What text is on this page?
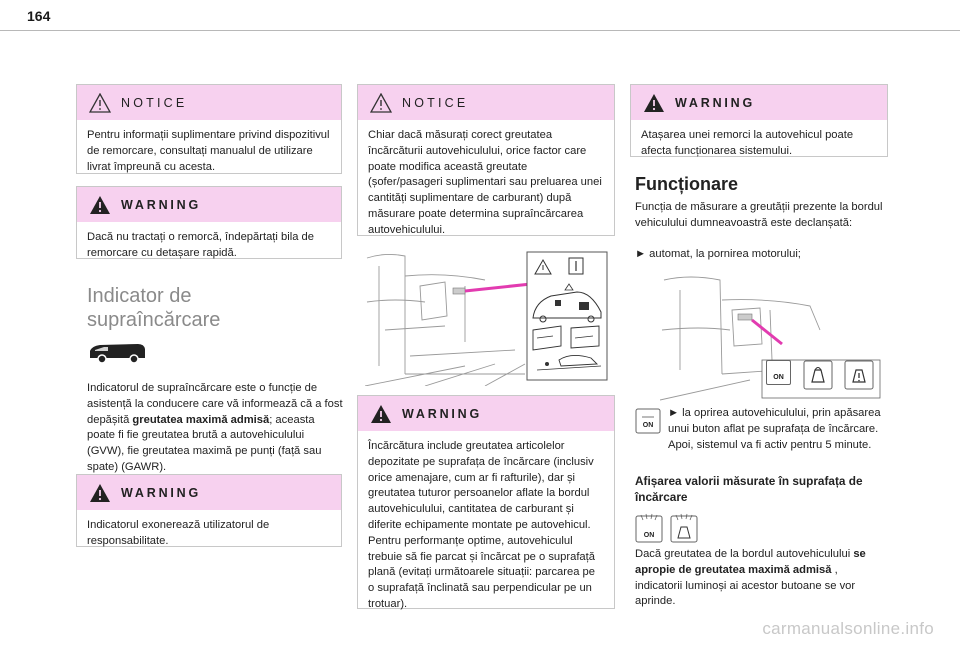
164
NOTICE
Pentru informații suplimentare privind dispozitivul de remorcare, consultați manualul de utilizare livrat împreună cu acesta.
WARNING
Dacă nu tractați o remorcă, îndepărtați bila de remorcare cu detașare rapidă.
Indicator de
supraîncărcare
Indicatorul de supraîncărcare este o funcție de asistență la conducere care vă informează că a fost depășită greutatea maximă admisă; aceasta poate fi fie greutatea brută a autovehiculului (GVW), fie greutatea maximă pe punți (față sau spate) (GAWR).
WARNING
Indicatorul exonerează utilizatorul de responsabilitate.
NOTICE
Chiar dacă măsurați corect greutatea încărcăturii autovehiculului, orice factor care poate modifica această greutate (șofer/pasageri suplimentari sau preluarea unei cantități suplimentare de carburant) după măsurare poate determina supraîncărcarea autovehiculului.
WARNING
Încărcătura include greutatea articolelor depozitate pe suprafața de încărcare (inclusiv orice amenajare, cum ar fi rafturile), dar și greutatea tuturor persoanelor aflate la bordul autovehiculului, cantitatea de carburant și diferite echipamente montate pe autovehicul. Pentru performanțe optime, autovehiculul trebuie să fie parcat și încărcat pe o suprafață plană (evitați următoarele situații: parcarea pe o suprafață înclinată sau perpendicular pe un trotuar).
WARNING
Atașarea unei remorci la autovehicul poate afecta funcționarea sistemului.
Funcționare
Funcția de măsurare a greutății prezente la bordul vehiculului dumneavoastră este declanșată:
► automat, la pornirea motorului;
ON
ON
► la oprirea autovehiculului, prin apăsarea unui buton aflat pe suprafața de încărcare. Apoi, sistemul va fi activ pentru 5 minute.
Afișarea valorii măsurate în suprafața de încărcare
ON
Dacă greutatea de la bordul autovehiculului se apropie de greutatea maximă admisă , indicatorii luminoși ai acestor butoane se vor aprinde.
carmanualsonline.info
